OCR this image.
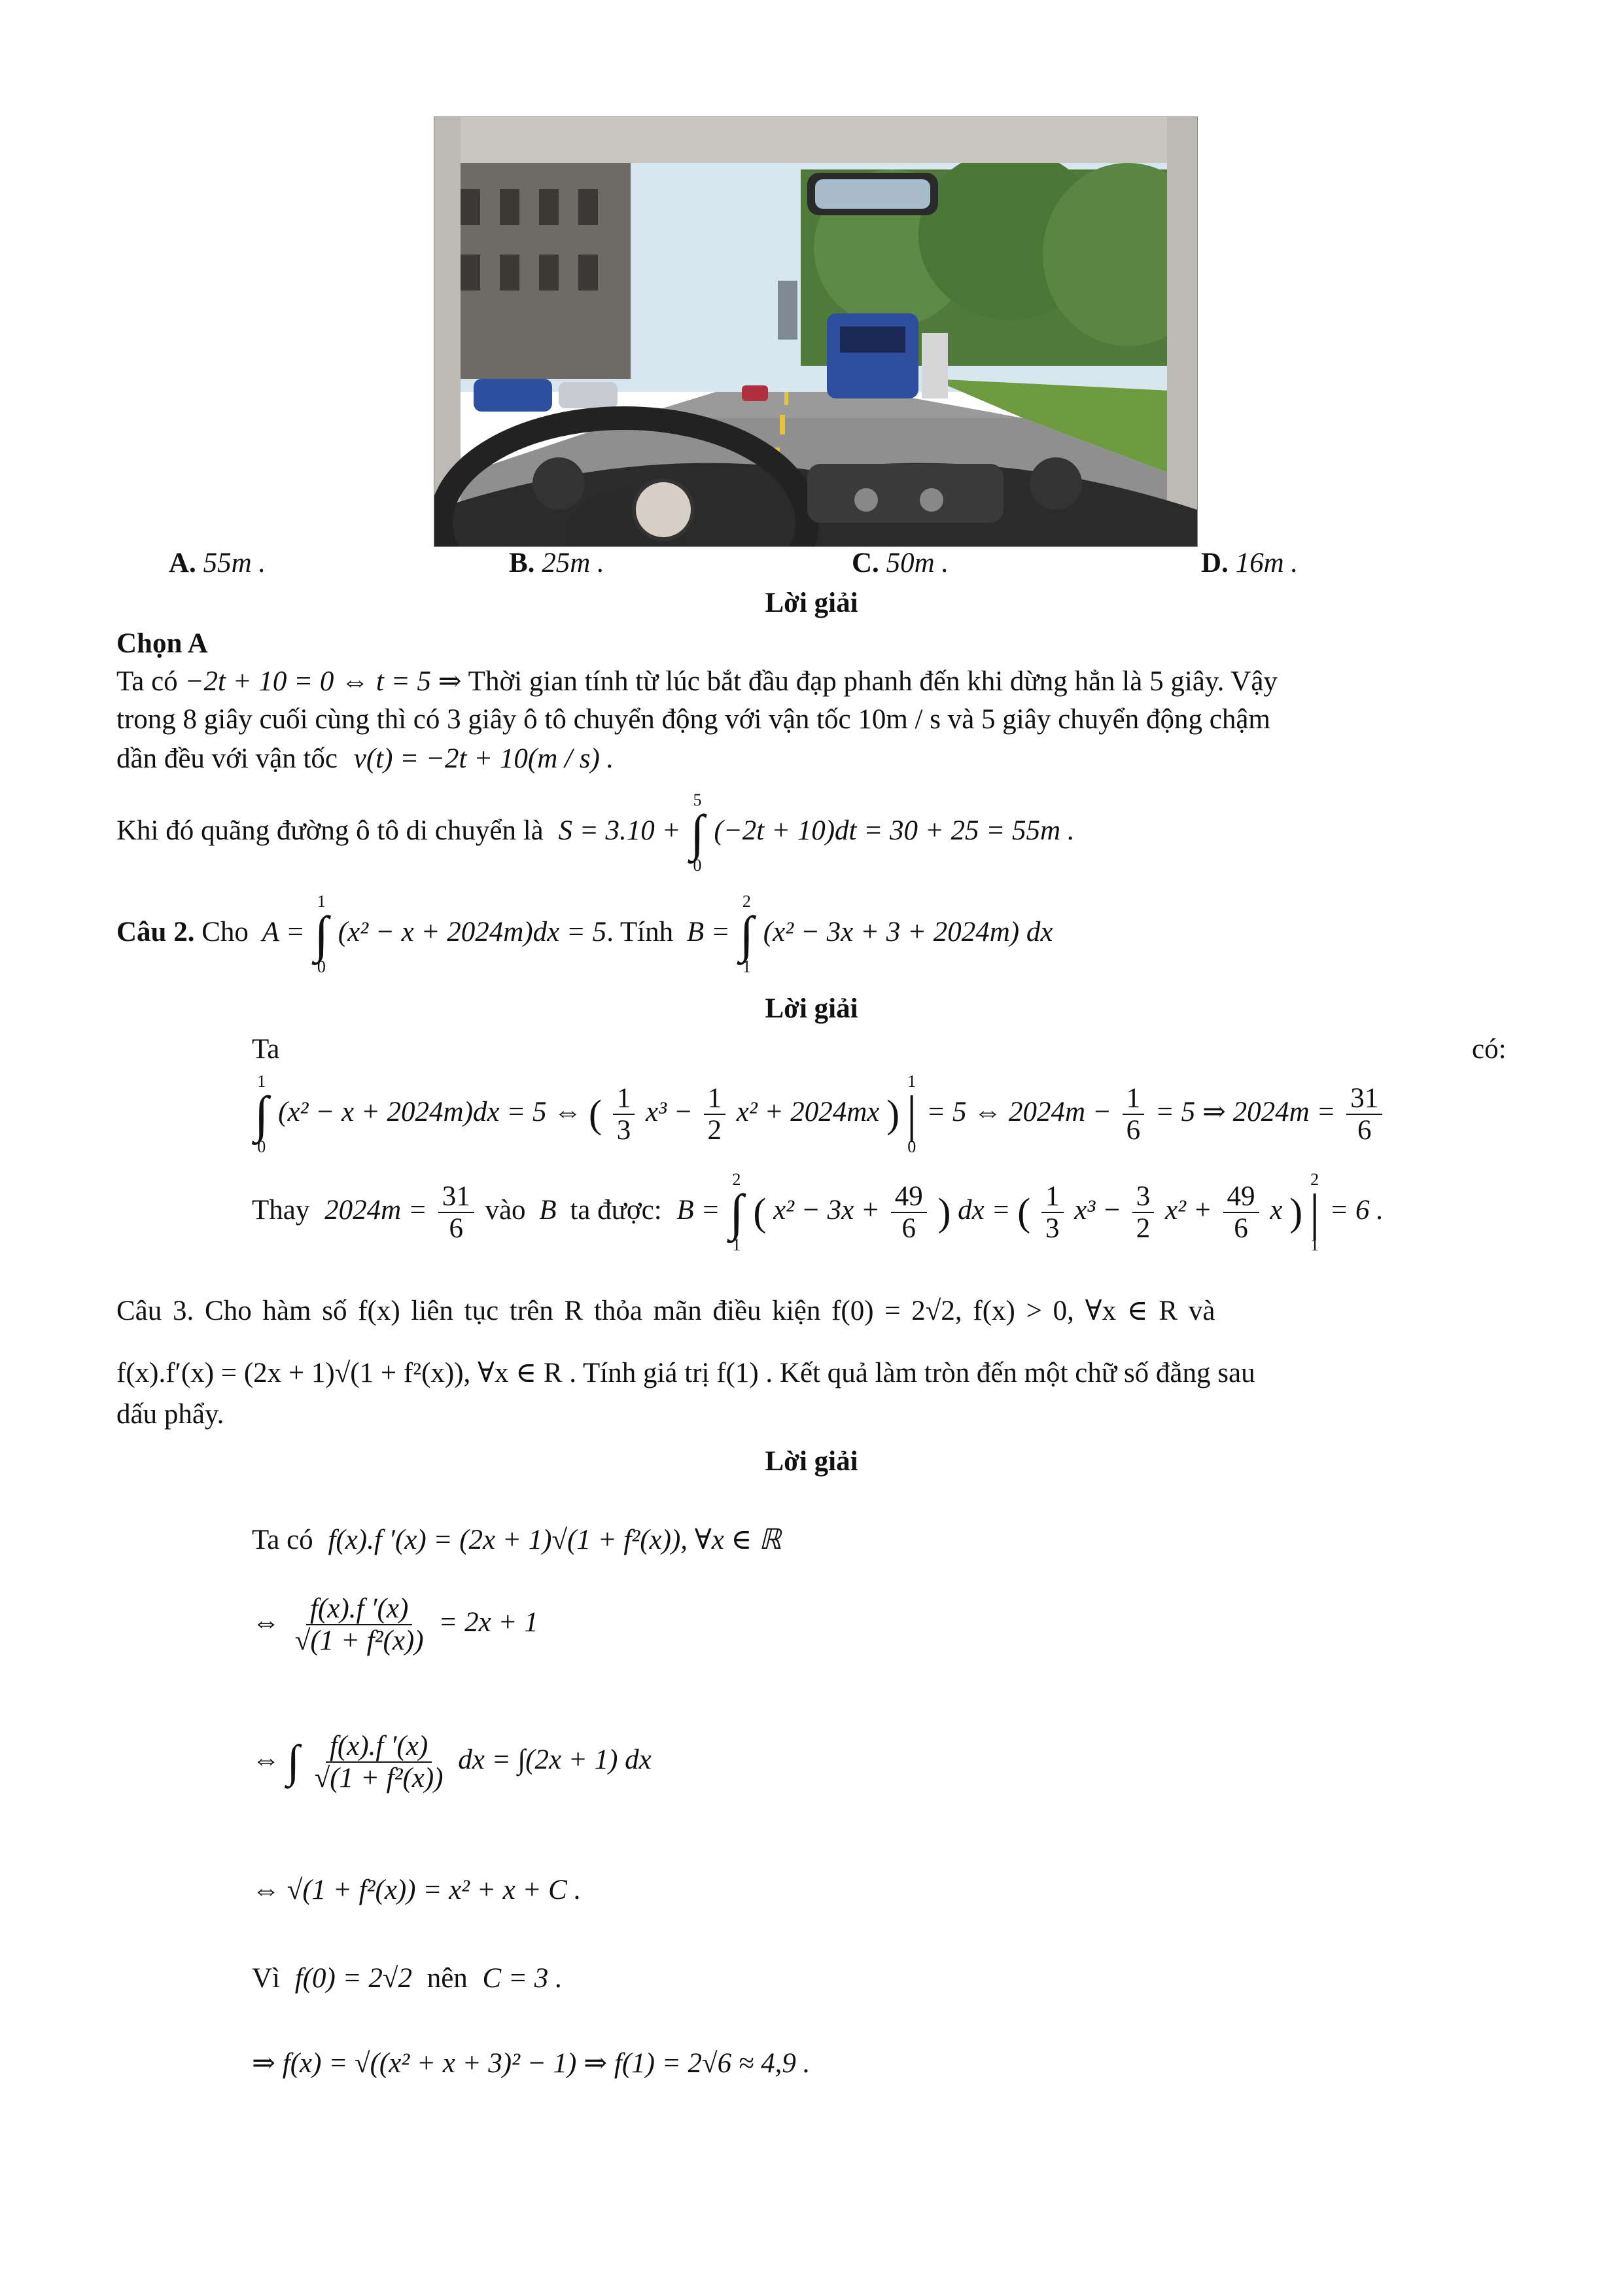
A. 55m .	B. 25m .	C. 50m .	D. 16m .
Lời giải
Chọn A
Ta có −2t + 10 = 0 ⇔ t = 5 ⇒ Thời gian tính từ lúc bắt đầu đạp phanh đến khi dừng hẳn là 5 giây. Vậy
trong 8 giây cuối cùng thì có 3 giây ô tô chuyển động với vận tốc 10m / s và 5 giây chuyển động chậm
dần đều với vận tốc v(t) = −2t + 10(m / s) .
Khi đó quãng đường ô tô di chuyển là S = 3.10 +
5
∫
0
(−2t + 10)dt = 30 + 25 = 55m .
Câu 2. Cho A =
1
∫
0
(x² − x + 2024m)dx = 5. Tính B =
2
∫
1
(x² − 3x + 3 + 2024m) dx
Lời giải
Ta	có:
1
∫
0
(x² − x + 2024m)dx = 5 ⇔ ( $\frac{1}{3} x^3 - \frac{1}{2} x^2 + 2024mx$ )
1
|
0
= 5 ⇔ $2024m - \frac{1}{6} = 5$ ⇒ $2024m = \frac{31}{6}$
Thay $2024m = \frac{31}{6}$ vào B ta được: B =
2
∫
1
( $x^2 - 3x + \frac{49}{6}$ ) dx = ( $\frac{1}{3} x^3 - \frac{3}{2} x^2 + \frac{49}{6}$ x )
2
|
1
= 6 .
Câu 3. Cho hàm số f(x) liên tục trên R thỏa mãn điều kiện f(0) = 2√2, f(x) > 0, ∀x ∈ R và
f(x).f′(x) = (2x + 1)√(1 + f²(x)), ∀x ∈ R . Tính giá trị f(1) . Kết quả làm tròn đến một chữ số đằng sau
dấu phẩy.
Lời giải
Ta có f(x).f ′(x) = (2x + 1)√(1 + f²(x)), ∀x ∈ ℝ
⇔ $\frac{f(x).f '(x)}{\text{√(1 + f²(x))}} = 2x + 1$
⇔ ∫ $\frac{f(x).f '(x)}{\text{√(1 + f²(x))}}$ dx = ∫(2x + 1) dx
⇔ √(1 + f²(x)) = x² + x + C .
Vì f(0) = 2√2 nên C = 3 .
⇒ f(x) = √((x² + x + 3)² − 1) ⇒ f(1) = 2√6 ≈ 4,9 .
